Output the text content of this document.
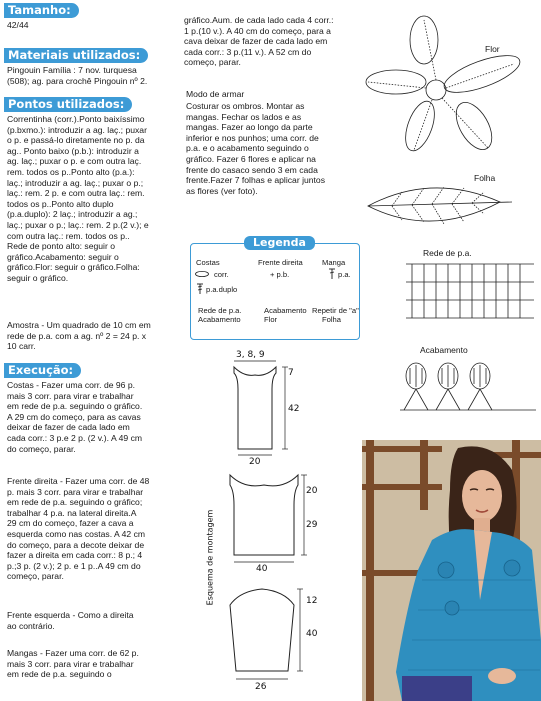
Tamanho:
42/44
Materiais utilizados:

Pingouin Família : 7 nov. turquesa

(508); ag. para crochê Pingouin nº 2.

Pontos utilizados:

Correntinha (corr.).Ponto baixíssimo

(p.bxmo.): introduzir a ag. laç.; puxar

o p. e passá-lo diretamente no p. da

ag.. Ponto baixo (p.b.): introduzir a

ag. laç.; puxar o p. e com outra laç.

rem. todos os p..Ponto alto (p.a.):

laç.; introduzir a ag. laç.; puxar o p.;

laç.: rem. 2 p. e com outra laç.: rem.

todos os p..Ponto alto duplo

(p.a.duplo): 2 laç.; introduzir a ag.;

laç.; puxar o p.; laç.: rem. 2 p.(2 v.); e

com outra laç.: rem. todos os p..

Rede de ponto alto: seguir o

gráfico.Acabamento: seguir o

gráfico.Flor: seguir o gráfico.Folha:

seguir o gráfico.

Amostra - Um quadrado de 10 cm em

rede de p.a. com a ag. nº 2 = 24 p. x

10 carr.

Execução:

Costas - Fazer uma corr. de 96 p.

mais 3 corr. para virar e trabalhar

em rede de p.a. seguindo o gráfico.

A 29 cm do começo, para as cavas

deixar de fazer de cada lado em

cada corr.: 3 p.e 2 p. (2 v.). A 49 cm

do começo, parar.

Frente direita - Fazer uma corr. de 48

p. mais 3 corr. para virar e trabalhar

em rede de p.a. seguindo o gráfico;

trabalhar 4 p.a. na lateral direita.A

29 cm do começo, fazer a cava a

esquerda como nas costas. A 42 cm

do começo, para a decote deixar de

fazer a direita em cada corr.: 8 p.; 4

p.;3 p. (2 v.); 2 p. e 1 p..A 49 cm do

começo, parar.

Frente esquerda - Como a direita

ao contrário.

Mangas - Fazer uma corr. de 62 p.

mais 3 corr. para virar e trabalhar

em rede de p.a. seguindo o

gráfico.Aum. de cada lado cada 4 corr.:

1 p.(10 v.). A 40 cm do começo, para a

cava deixar de fazer de cada lado em

cada corr.: 3 p.(11 v.). A 52 cm do

começo, parar.

Modo de armar

Costurar os ombros. Montar as

mangas. Fechar os lados e as

mangas. Fazer ao longo da parte

inferior e nos punhos; uma corr. de

p.a. e o acabamento seguindo o

gráfico. Fazer 6 flores e aplicar na

frente do casaco sendo 3 em cada

frente.Fazer 7 folhas e aplicar juntos

as flores (ver foto).

Legenda
Costas	Frente direita	Manga
corr.	+ p.b.	p.a.
p.a.duplo
Rede de p.a.
Acabamento
Acabamento
Flor
Repetir de "a"
Folha
3, 8, 9
7
42
20
20
29
40
12
40
26
Esquema de montagem
Flor
Folha
Rede de p.a.
Acabamento
